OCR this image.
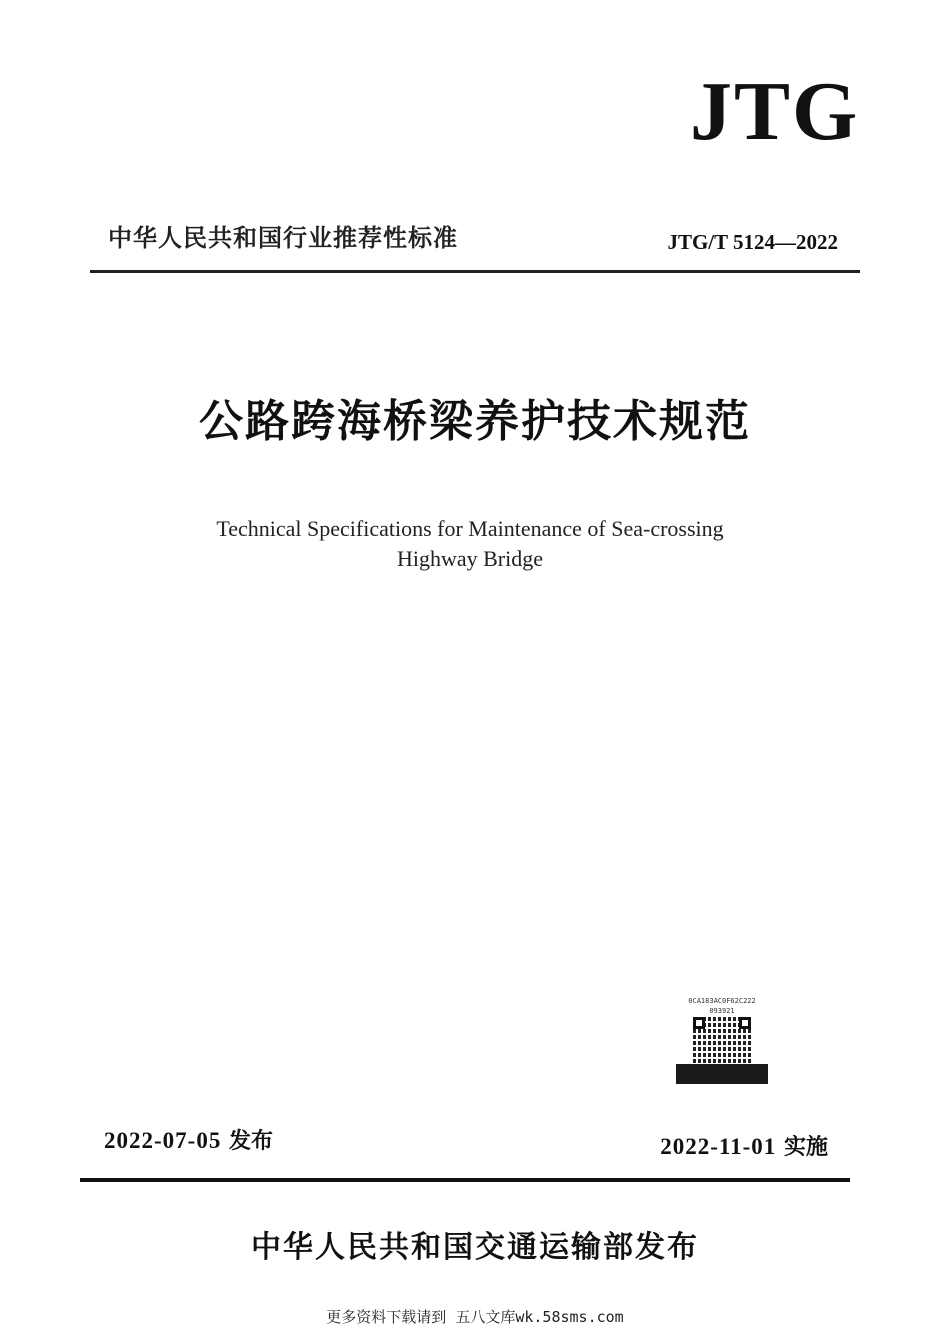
JTG
中华人民共和国行业推荐性标准	JTG/T 5124—2022
公路跨海桥梁养护技术规范
Technical Specifications for Maintenance of Sea-crossing
Highway Bridge
0CA183AC0F62C222
093921
2022-07-05 发布	2022-11-01 实施
中华人民共和国交通运输部发布
更多资料下载请到 五八文库wk.58sms.com
